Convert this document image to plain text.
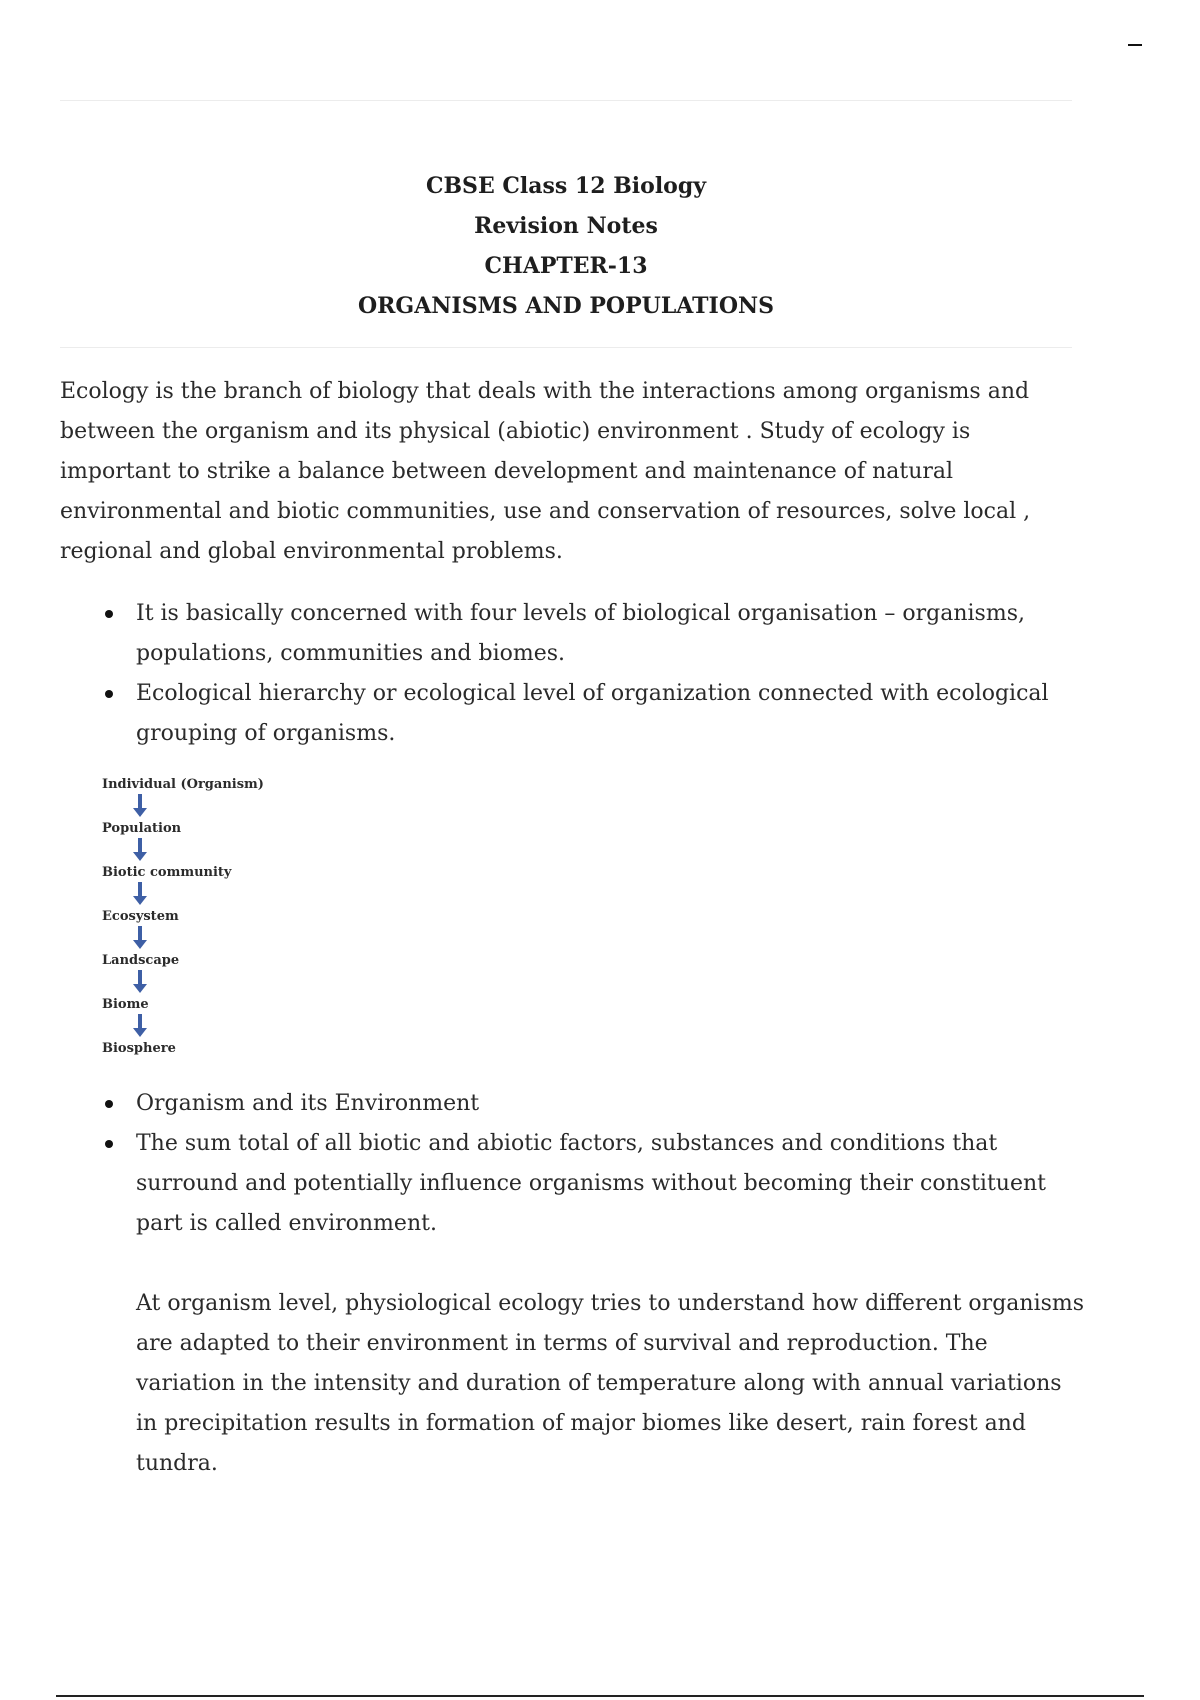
CBSE Class 12 Biology
Revision Notes
CHAPTER-13
ORGANISMS AND POPULATIONS

Ecology is the branch of biology that deals with the interactions among organisms and between the organism and its physical (abiotic) environment . Study of ecology is important to strike a balance between development and maintenance of natural environmental and biotic communities, use and conservation of resources, solve local , regional and global environmental problems.

It is basically concerned with four levels of biological organisation – organisms, populations, communities and biomes.
Ecological hierarchy or ecological level of organization connected with ecological grouping of organisms.
Individual (Organism)
Population
Biotic community
Ecosystem
Landscape
Biome
Biosphere
Organism and its Environment
The sum total of all biotic and abiotic factors, substances and conditions that surround and potentially influence organisms without becoming their constituent part is called environment.

At organism level, physiological ecology tries to understand how different organisms are adapted to their environment in terms of survival and reproduction. The variation in the intensity and duration of temperature along with annual variations in precipitation results in formation of major biomes like desert, rain forest and tundra.
